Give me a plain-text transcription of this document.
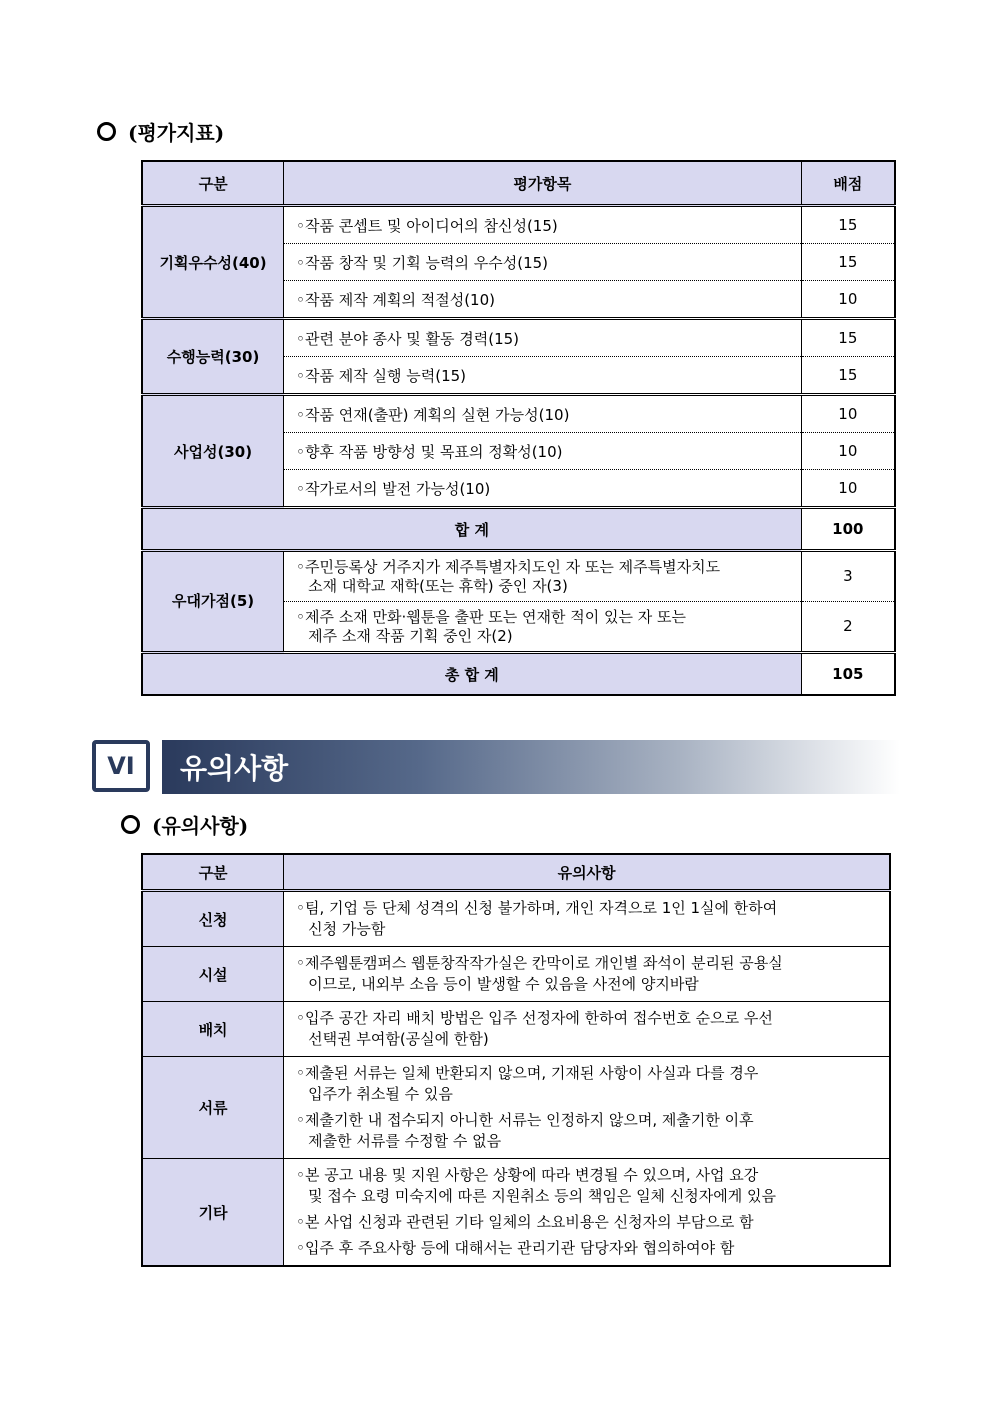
(평가지표)
구분	평가항목	배점
기획우수성(40)	◦작품 콘셉트 및 아이디어의 참신성(15)	15
	◦작품 창작 및 기획 능력의 우수성(15)	15
	◦작품 제작 계획의 적절성(10)	10
수행능력(30)	◦관련 분야 종사 및 활동 경력(15)	15
	◦작품 제작 실행 능력(15)	15
사업성(30)	◦작품 연재(출판) 계획의 실현 가능성(10)	10
	◦향후 작품 방향성 및 목표의 정확성(10)	10
	◦작가로서의 발전 가능성(10)	10
합 계		100
우대가점(5)	◦주민등록상 거주지가 제주특별자치도인 자 또는 제주특별자치도
소재 대학교 재학(또는 휴학) 중인 자(3)	3

	◦제주 소재 만화·웹툰을 출판 또는 연재한 적이 있는 자 또는
제주 소재 작품 기획 중인 자(2)	2
총 합 계		105
VI	유의사항
(유의사항)
구분	유의사항
신청	◦팀, 기업 등 단체 성격의 신청 불가하며, 개인 자격으로 1인 1실에 한하여
신청 가능함

시설	◦제주웹툰캠퍼스 웹툰창작작가실은 칸막이로 개인별 좌석이 분리된 공용실
이므로, 내외부 소음 등이 발생할 수 있음을 사전에 양지바람

배치	◦입주 공간 자리 배치 방법은 입주 선정자에 한하여 접수번호 순으로 우선
선택권 부여함(공실에 한함)

서류	◦제출된 서류는 일체 반환되지 않으며, 기재된 사항이 사실과 다를 경우
입주가 취소될 수 있음
◦제출기한 내 접수되지 아니한 서류는 인정하지 않으며, 제출기한 이후
제출한 서류를 수정할 수 없음

기타	◦본 공고 내용 및 지원 사항은 상황에 따라 변경될 수 있으며, 사업 요강
및 접수 요령 미숙지에 따른 지원취소 등의 책임은 일체 신청자에게 있음
◦본 사업 신청과 관련된 기타 일체의 소요비용은 신청자의 부담으로 함
◦입주 후 주요사항 등에 대해서는 관리기관 담당자와 협의하여야 함
